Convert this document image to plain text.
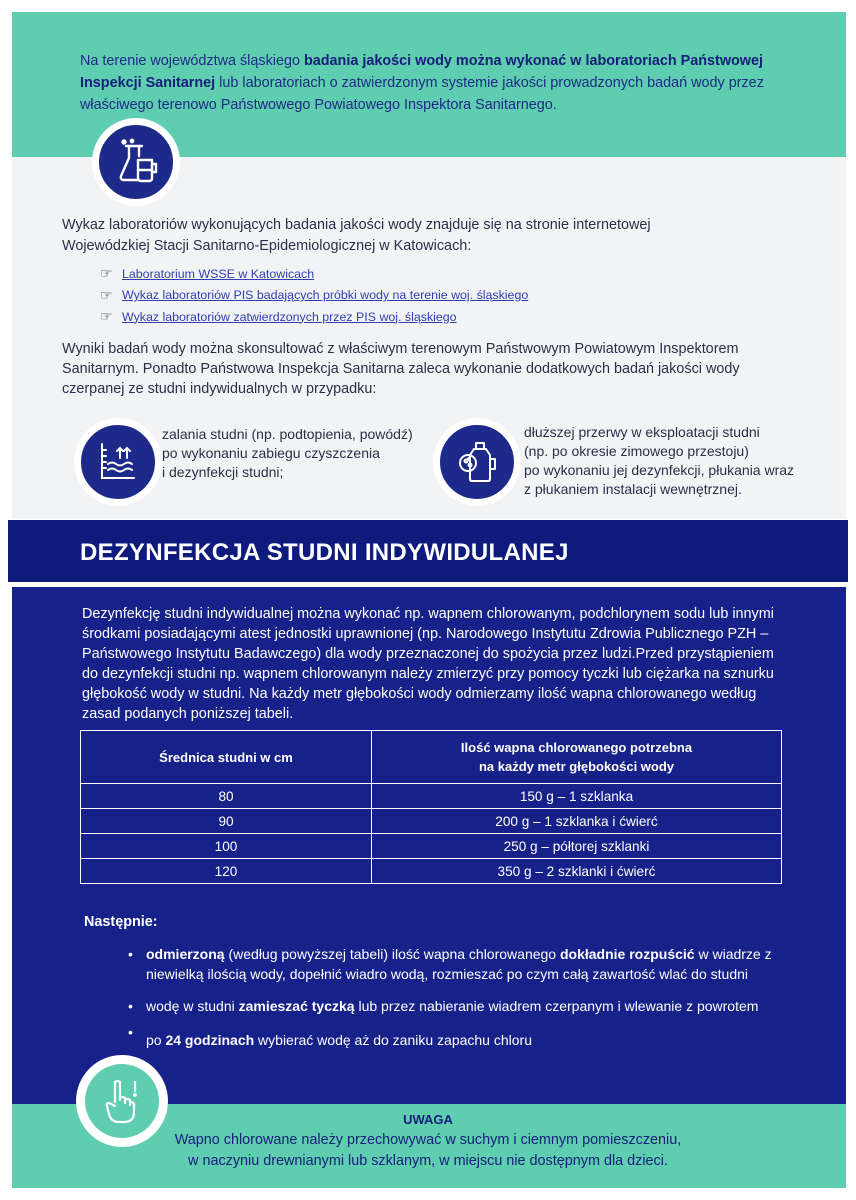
Na terenie województwa śląskiego badania jakości wody można wykonać w laboratoriach Państwowej Inspekcji Sanitarnej lub laboratoriach o zatwierdzonym systemie jakości prowadzonych badań wody przez właściwego terenowo Państwowego Powiatowego Inspektora Sanitarnego.
Wykaz laboratoriów wykonujących badania jakości wody znajduje się na stronie internetowej Wojewódzkiej Stacji Sanitarno-Epidemiologicznej w Katowicach:
☞ Laboratorium WSSE w Katowicach
☞ Wykaz laboratoriów PIS badających próbki wody na terenie woj. śląskiego
☞ Wykaz laboratoriów zatwierdzonych przez PIS woj. śląskiego
Wyniki badań wody można skonsultować z właściwym terenowym Państwowym Powiatowym Inspektorem Sanitarnym. Ponadto Państwowa Inspekcja Sanitarna zaleca wykonanie dodatkowych badań jakości wody czerpanej ze studni indywidualnych w przypadku:
zalania studni (np. podtopienia, powódź)
po wykonaniu zabiegu czyszczenia
i dezynfekcji studni;
dłuższej przerwy w eksploatacji studni
(np. po okresie zimowego przestoju)
po wykonaniu jej dezynfekcji, płukania wraz
z płukaniem instalacji wewnętrznej.
DEZYNFEKCJA STUDNI INDYWIDULANEJ
Dezynfekcję studni indywidualnej można wykonać np. wapnem chlorowanym, podchlorynem sodu lub innymi środkami posiadającymi atest jednostki uprawnionej (np. Narodowego Instytutu Zdrowia Publicznego PZH – Państwowego Instytutu Badawczego) dla wody przeznaczonej do spożycia przez ludzi.Przed przystąpieniem do dezynfekcji studni np. wapnem chlorowanym należy zmierzyć przy pomocy tyczki lub ciężarka na sznurku głębokość wody w studni. Na każdy metr głębokości wody odmierzamy ilość wapna chlorowanego według zasad podanych poniższej tabeli.
Średnica studni w cm	Ilość wapna chlorowanego potrzebna
na każdy metr głębokości wody

80	150 g – 1 szklanka
90	200 g – 1 szklanka i ćwierć
100	250 g – półtorej szklanki
120	350 g – 2 szklanki i ćwierć
Następnie:
• odmierzoną (według powyższej tabeli) ilość wapna chlorowanego dokładnie rozpuścić w wiadrze z niewielką ilością wody, dopełnić wiadro wodą, rozmieszać po czym całą zawartość wlać do studni
• wodę w studni zamieszać tyczką lub przez nabieranie wiadrem czerpanym i wlewanie z powrotem
• po 24 godzinach wybierać wodę aż do zaniku zapachu chloru
UWAGA
Wapno chlorowane należy przechowywać w suchym i ciemnym pomieszczeniu,
w naczyniu drewnianymi lub szklanym, w miejscu nie dostępnym dla dzieci.
